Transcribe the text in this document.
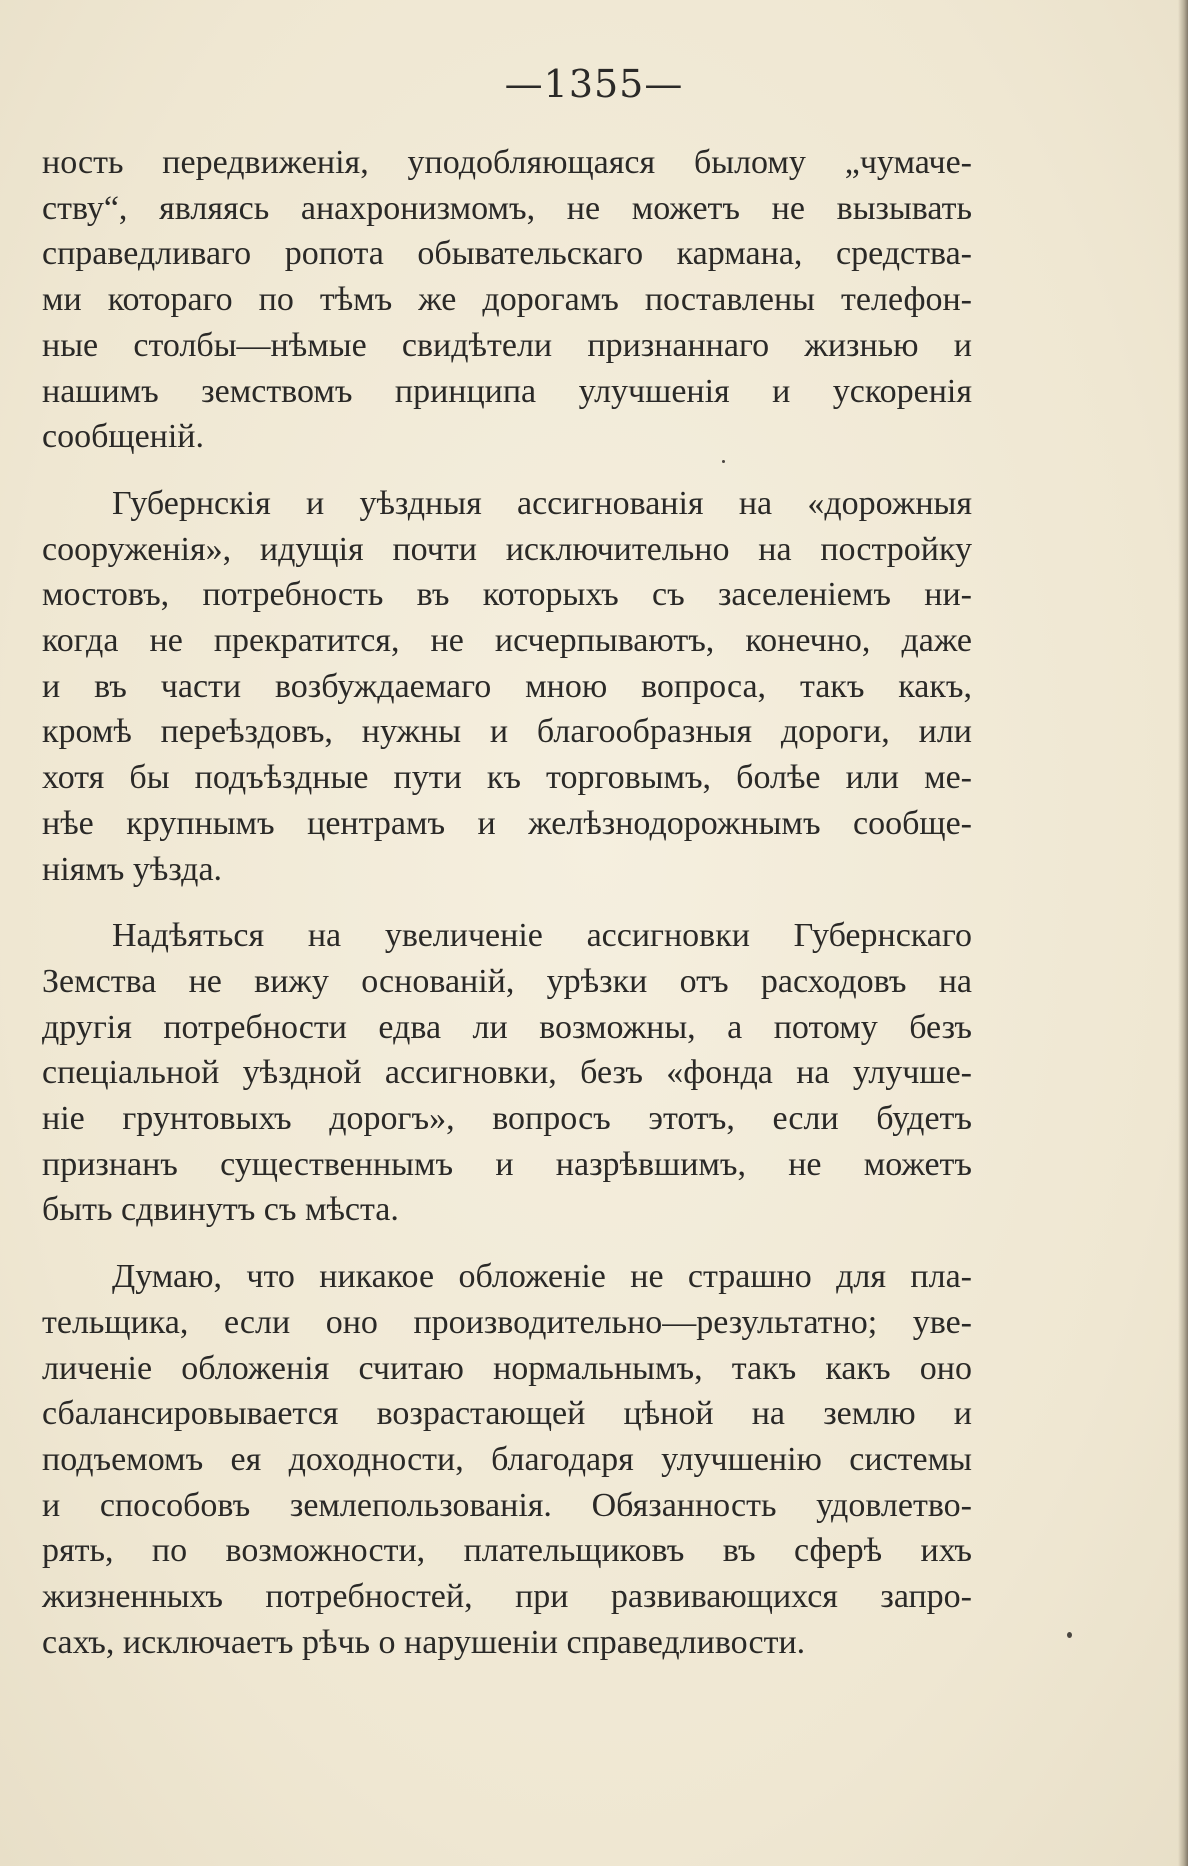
—1355—
ность передвиженія, уподобляющаяся былому „чумаче-
ству“, являясь анахронизмомъ, не можетъ не вызывать
справедливаго ропота обывательскаго кармана, средства-
ми котораго по тѣмъ же дорогамъ поставлены телефон-
ные столбы—нѣмые свидѣтели признаннаго жизнью и
нашимъ земствомъ принципа улучшенія и ускоренія
сообщеній.
Губернскія и уѣздныя ассигнованія на «дорожныя
сооруженія», идущія почти исключительно на постройку
мостовъ, потребность въ которыхъ съ заселеніемъ ни-
когда не прекратится, не исчерпываютъ, конечно, даже
и въ части возбуждаемаго мною вопроса, такъ какъ,
кромѣ переѣздовъ, нужны и благообразныя дороги, или
хотя бы подъѣздные пути къ торговымъ, болѣе или ме-
нѣе крупнымъ центрамъ и желѣзнодорожнымъ сообще-
ніямъ уѣзда.
Надѣяться на увеличеніе ассигновки Губернскаго
Земства не вижу основаній, урѣзки отъ расходовъ на
другія потребности едва ли возможны, а потому безъ
спеціальной уѣздной ассигновки, безъ «фонда на улучше-
ніе грунтовыхъ дорогъ», вопросъ этотъ, если будетъ
признанъ существеннымъ и назрѣвшимъ, не можетъ
быть сдвинутъ съ мѣста.
Думаю, что никакое обложеніе не страшно для пла-
тельщика, если оно производительно—результатно; уве-
личеніе обложенія считаю нормальнымъ, такъ какъ оно
сбалансировывается возрастающей цѣной на землю и
подъемомъ ея доходности, благодаря улучшенію системы
и способовъ землепользованія. Обязанность удовлетво-
рять, по возможности, плательщиковъ въ сферѣ ихъ
жизненныхъ потребностей, при развивающихся запро-
сахъ, исключаетъ рѣчь о нарушеніи справедливости.
